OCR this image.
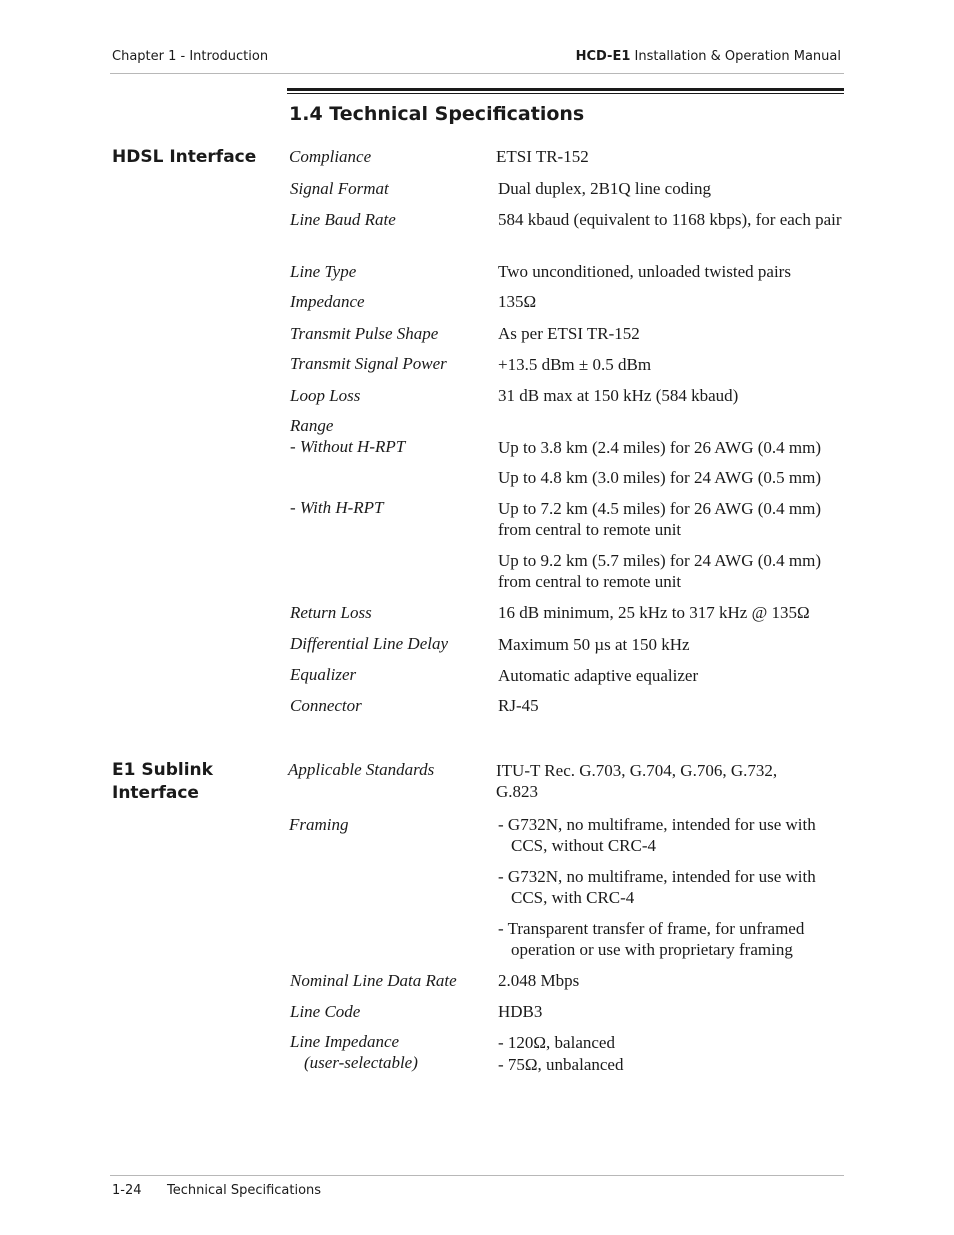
Chapter 1 - Introduction	HCD-E1 Installation & Operation Manual
1.4 Technical Specifications
HDSL Interface Compliance	ETSI TR-152
Signal Format	Dual duplex, 2B1Q line coding
Line Baud Rate	584 kbaud (equivalent to 1168 kbps), for each pair
Line Type	Two unconditioned, unloaded twisted pairs
Impedance	135Ω
Transmit Pulse Shape	As per ETSI TR-152
Transmit Signal Power	+13.5 dBm ± 0.5 dBm
Loop Loss	31 dB max at 150 kHz (584 kbaud)
Range
- Without H-RPT	Up to 3.8 km (2.4 miles) for 26 AWG (0.4 mm)
Up to 4.8 km (3.0 miles) for 24 AWG (0.5 mm)
- With H-RPT	Up to 7.2 km (4.5 miles) for 26 AWG (0.4 mm) from central to remote unit
Up to 9.2 km (5.7 miles) for 24 AWG (0.4 mm) from central to remote unit
Return Loss	16 dB minimum, 25 kHz to 317 kHz @ 135Ω
Differential Line Delay	Maximum 50 µs at 150 kHz
Equalizer	Automatic adaptive equalizer
Connector	RJ-45
E1 Sublink
Interface
Applicable Standards	ITU-T Rec. G.703, G.704, G.706, G.732, G.823
Framing	- G732N, no multiframe, intended for use with CCS, without CRC-4
- G732N, no multiframe, intended for use with CCS, with CRC-4
- Transparent transfer of frame, for unframed operation or use with proprietary framing
Nominal Line Data Rate 2.048 Mbps
Line Code	HDB3
Line Impedance
(user-selectable)
- 120Ω, balanced
- 75Ω, unbalanced
1-24 Technical Specifications
